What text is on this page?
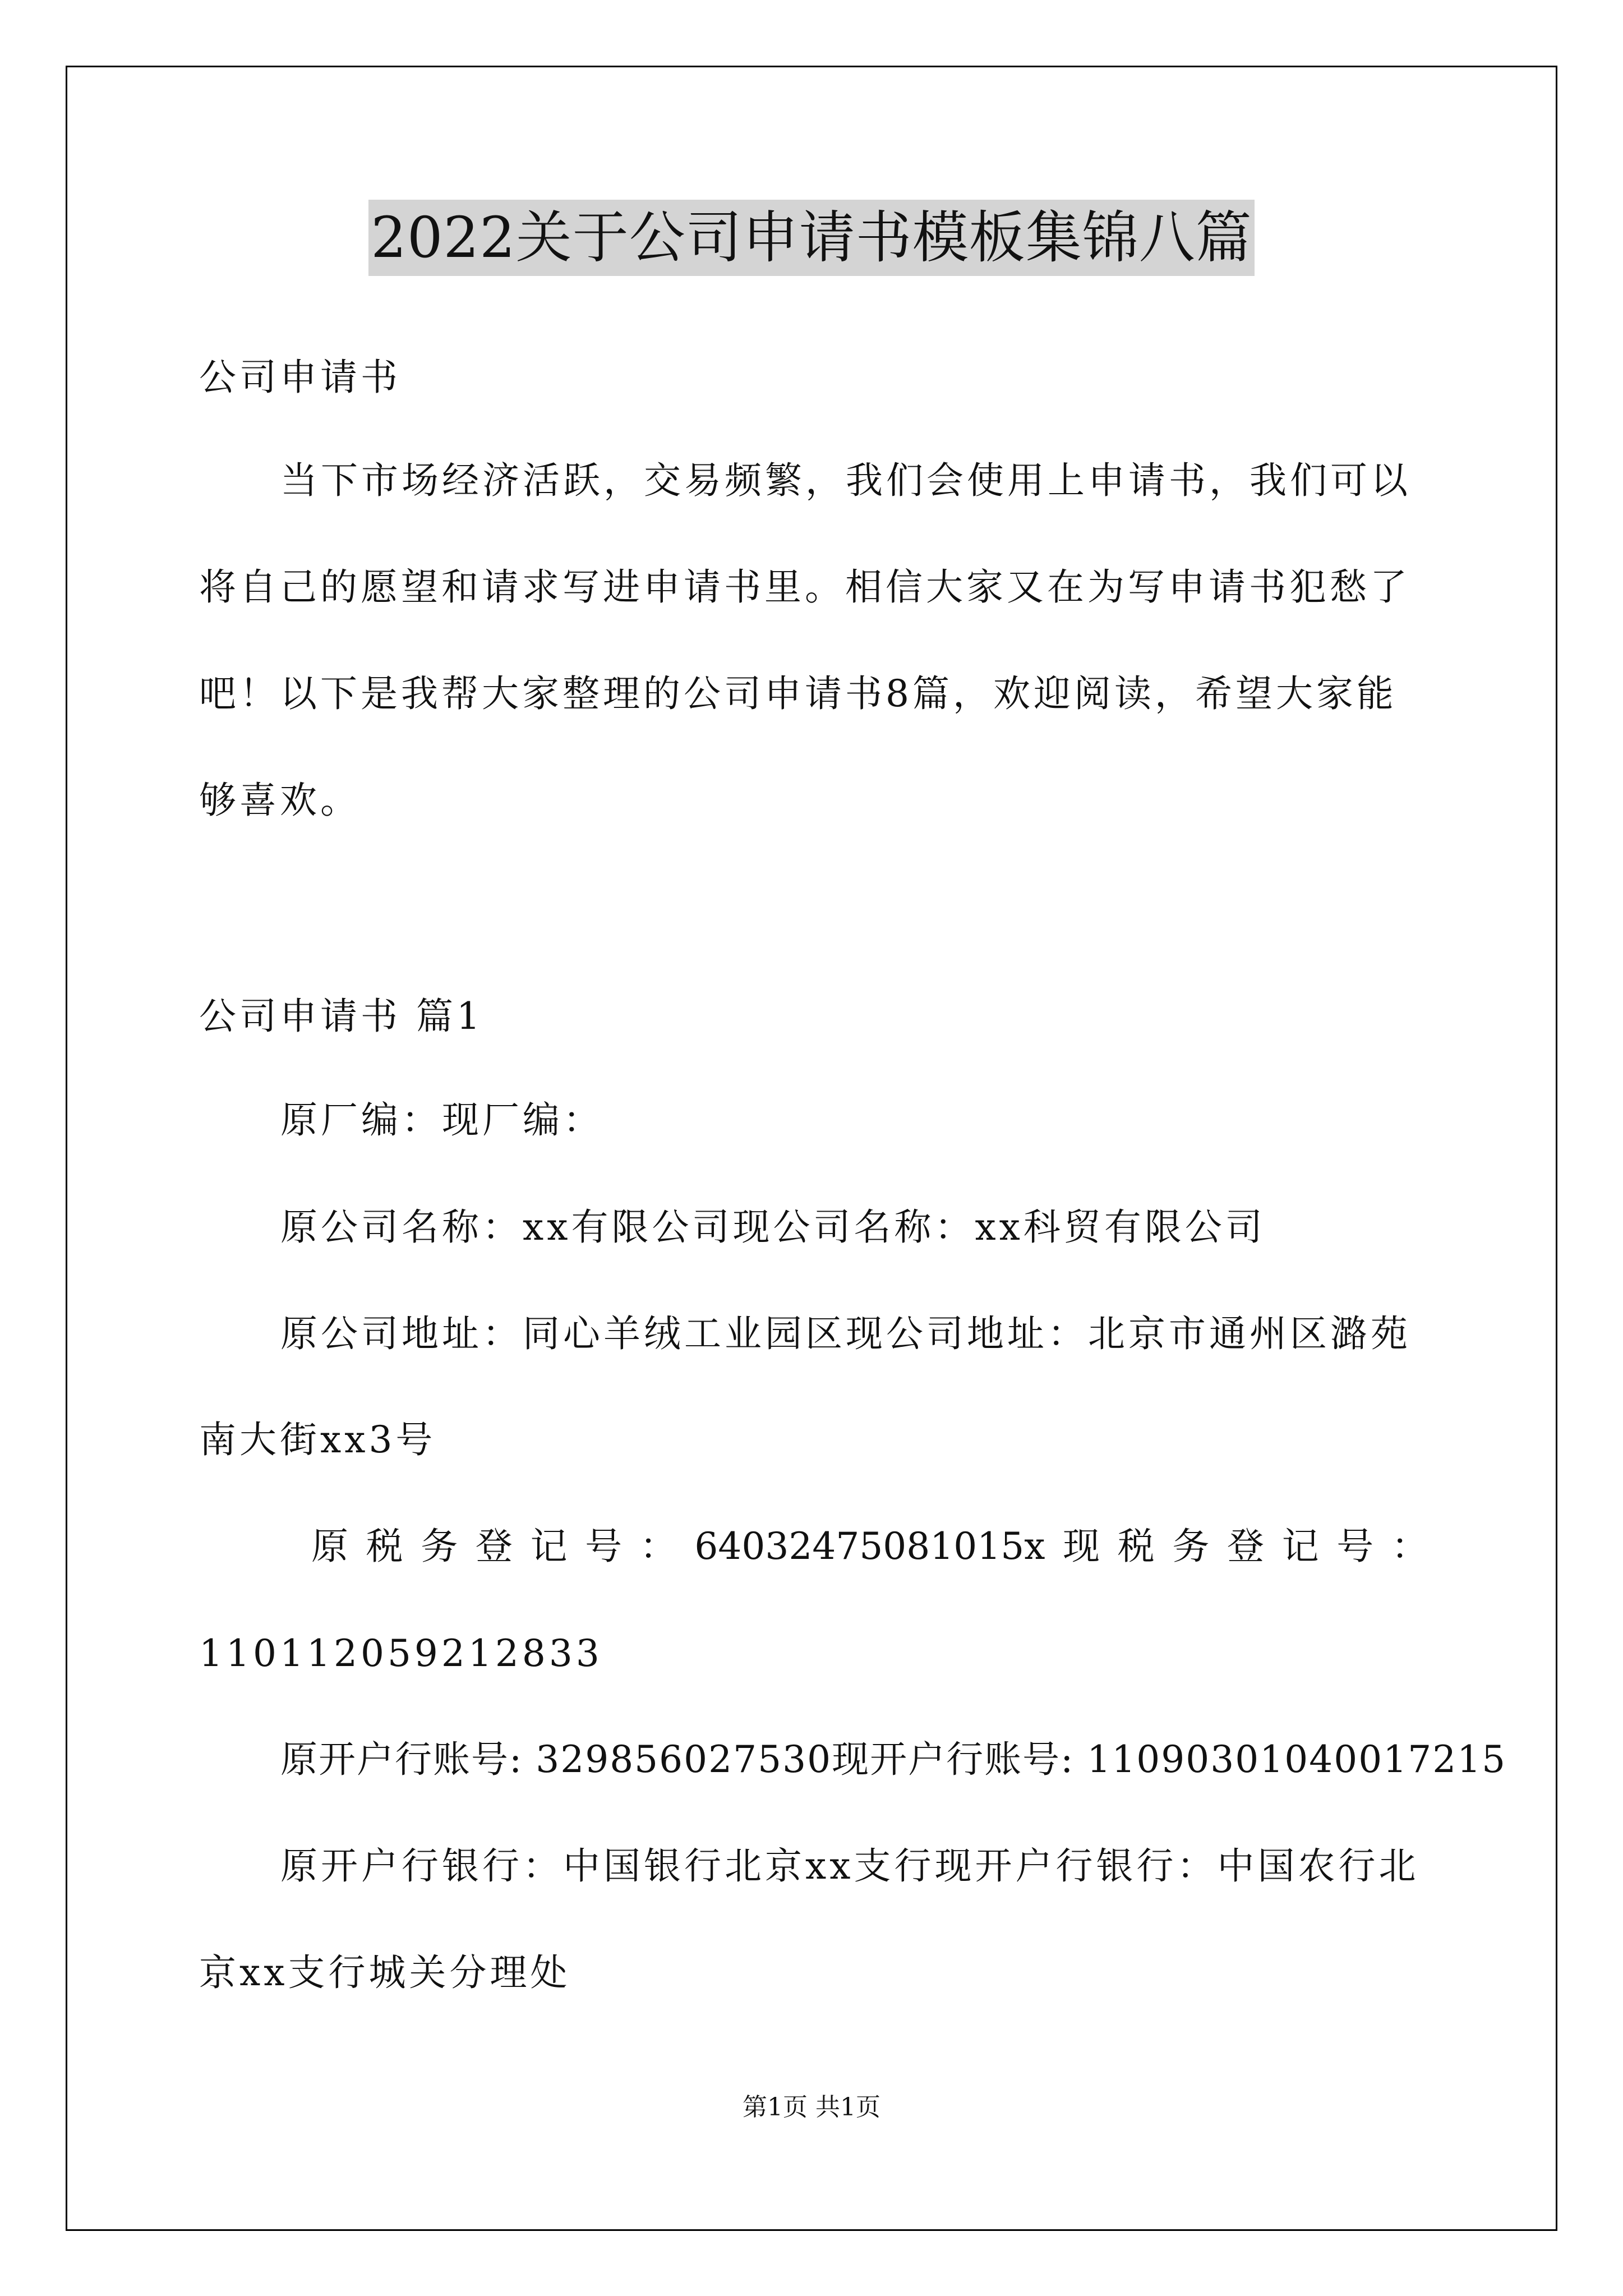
2022关于公司申请书模板集锦八篇
公司申请书
当下市场经济活跃，交易频繁，我们会使用上申请书，我们可以
将自己的愿望和请求写进申请书里。相信大家又在为写申请书犯愁了
吧！以下是我帮大家整理的公司申请书8篇，欢迎阅读，希望大家能
够喜欢。
公司申请书 篇1
原厂编：现厂编：
原公司名称：xx有限公司现公司名称：xx科贸有限公司
原公司地址：同心羊绒工业园区现公司地址：北京市通州区潞苑
南大街xx3号
原 税 务 登 记 号 ： 64032475081015x 现 税 务 登 记 号 ：
110112059212833
原开户行账号: 329856027530现开户行账号: 11090301040017215
原开户行银行：中国银行北京xx支行现开户行银行：中国农行北
京xx支行城关分理处
第1页 共1页
